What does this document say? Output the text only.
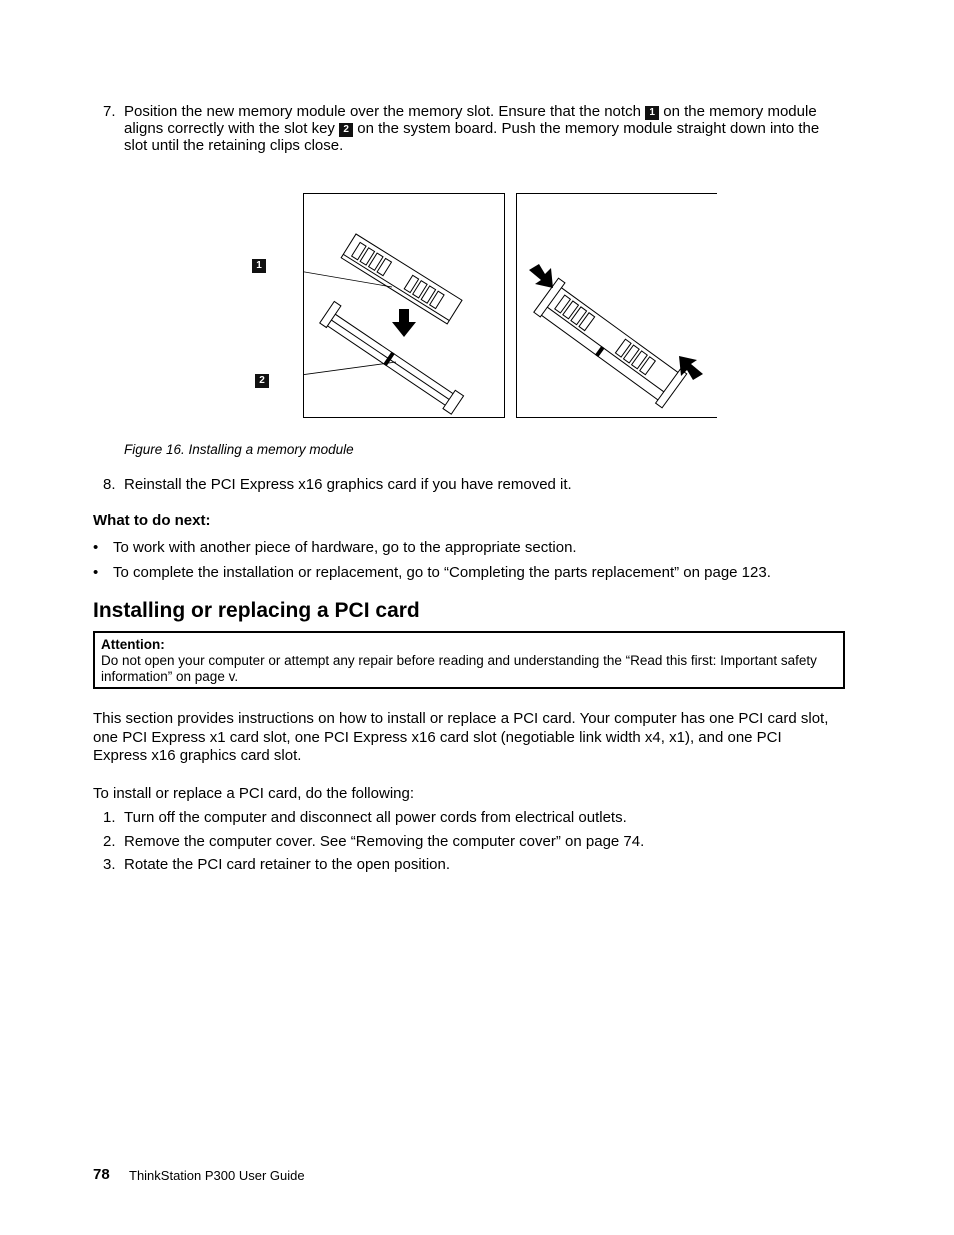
7. Position the new memory module over the memory slot. Ensure that the notch 1 on the memory module aligns correctly with the slot key 2 on the system board. Push the memory module straight down into the slot until the retaining clips close.
1
2
Figure 16. Installing a memory module
8. Reinstall the PCI Express x16 graphics card if you have removed it.
What to do next:
• To work with another piece of hardware, go to the appropriate section.
• To complete the installation or replacement, go to “Completing the parts replacement” on page 123.
Installing or replacing a PCI card
Attention:
Do not open your computer or attempt any repair before reading and understanding the “Read this first: Important safety information” on page v.
This section provides instructions on how to install or replace a PCI card. Your computer has one PCI card slot, one PCI Express x1 card slot, one PCI Express x16 card slot (negotiable link width x4, x1), and one PCI Express x16 graphics card slot.
To install or replace a PCI card, do the following:
1. Turn off the computer and disconnect all power cords from electrical outlets.
2. Remove the computer cover. See “Removing the computer cover” on page 74.
3. Rotate the PCI card retainer to the open position.
78 ThinkStation P300 User Guide
